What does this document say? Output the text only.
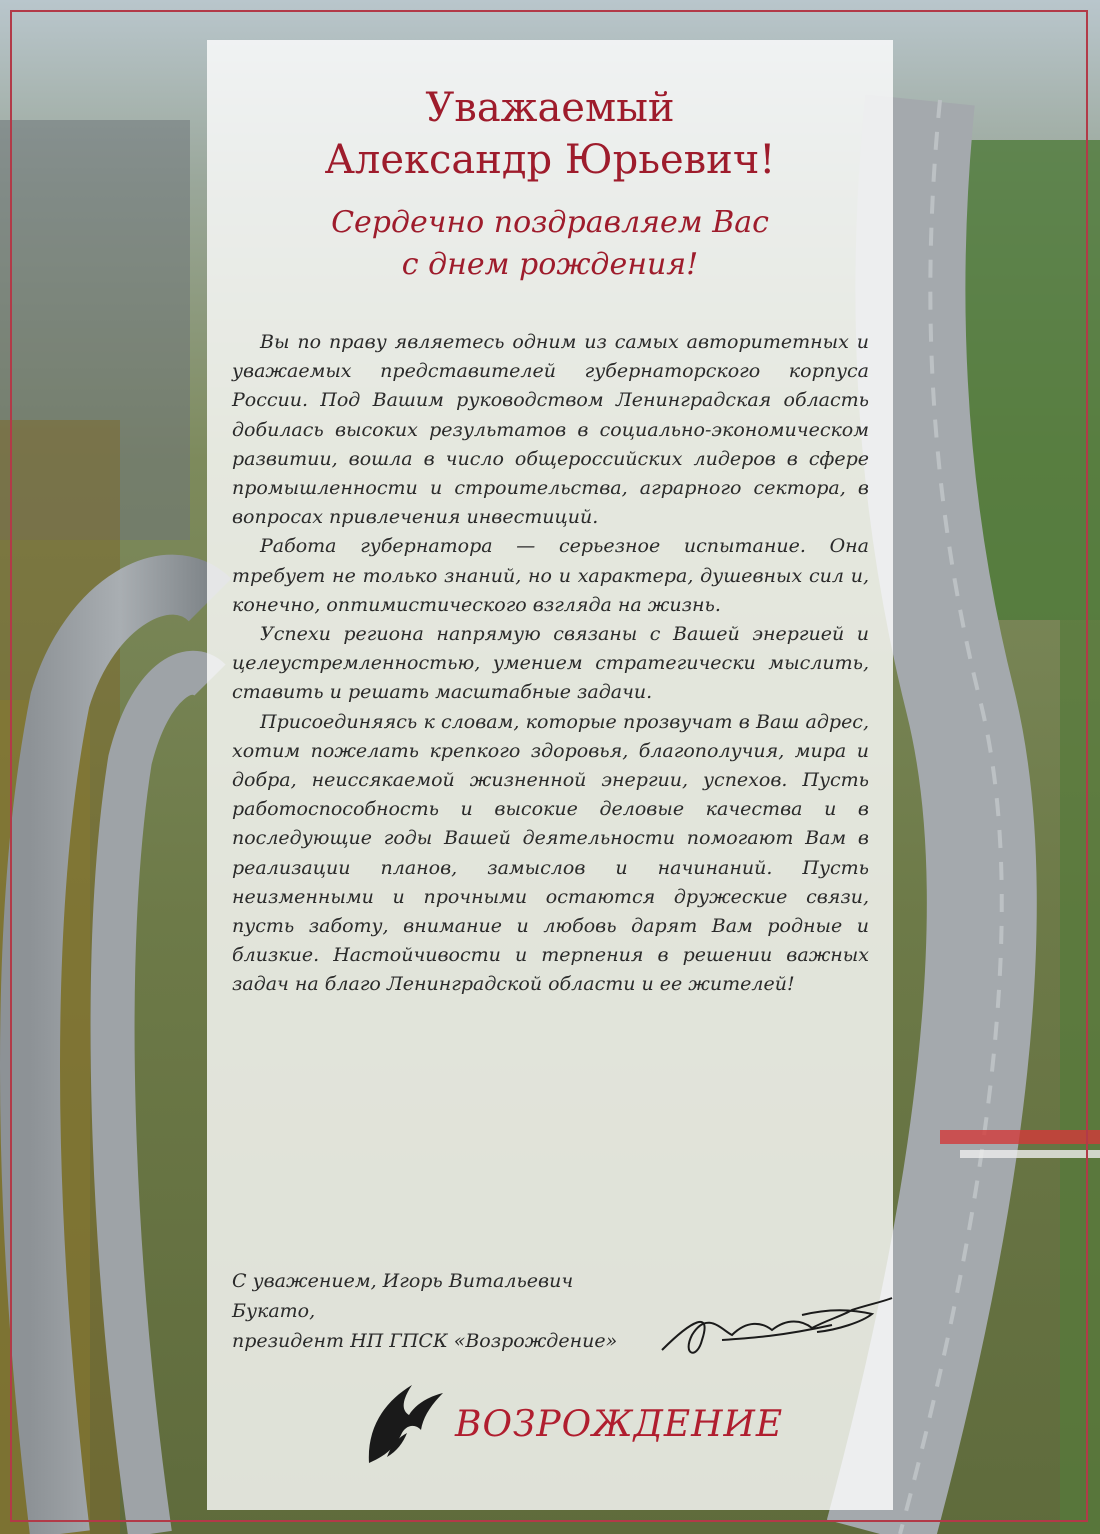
Уважаемый
Александр Юрьевич!
Сердечно поздравляем Вас
с днем рождения!

Вы по праву являетесь одним из самых авторитетных и уважаемых представителей губернаторского корпуса России. Под Вашим руководством Ленинградская область добилась высоких результатов в социально-экономическом развитии, вошла в число общероссийских лидеров в сфере промышленности и строительства, аграрного сектора, в вопросах привлечения инвестиций.

Работа губернатора — серьезное испытание. Она требует не только знаний, но и характера, душевных сил и, конечно, оптимистического взгляда на жизнь.

Успехи региона напрямую связаны с Вашей энергией и целеустремленностью, умением стратегически мыслить, ставить и решать масштабные задачи.

Присоединяясь к словам, которые прозвучат в Ваш адрес, хотим пожелать крепкого здоровья, благополучия, мира и добра, неиссякаемой жизненной энергии, успехов. Пусть работоспособность и высокие деловые качества и в последующие годы Вашей деятельности помогают Вам в реализации планов, замыслов и начинаний. Пусть неизменными и прочными остаются дружеские связи, пусть заботу, внимание и любовь дарят Вам родные и близкие. Настойчивости и терпения в решении важных задач на благо Ленинградской области и ее жителей!

С уважением, Игорь Витальевич Букато,
президент НП ГПСК «Возрождение»
ВОЗРОЖДЕНИЕ
